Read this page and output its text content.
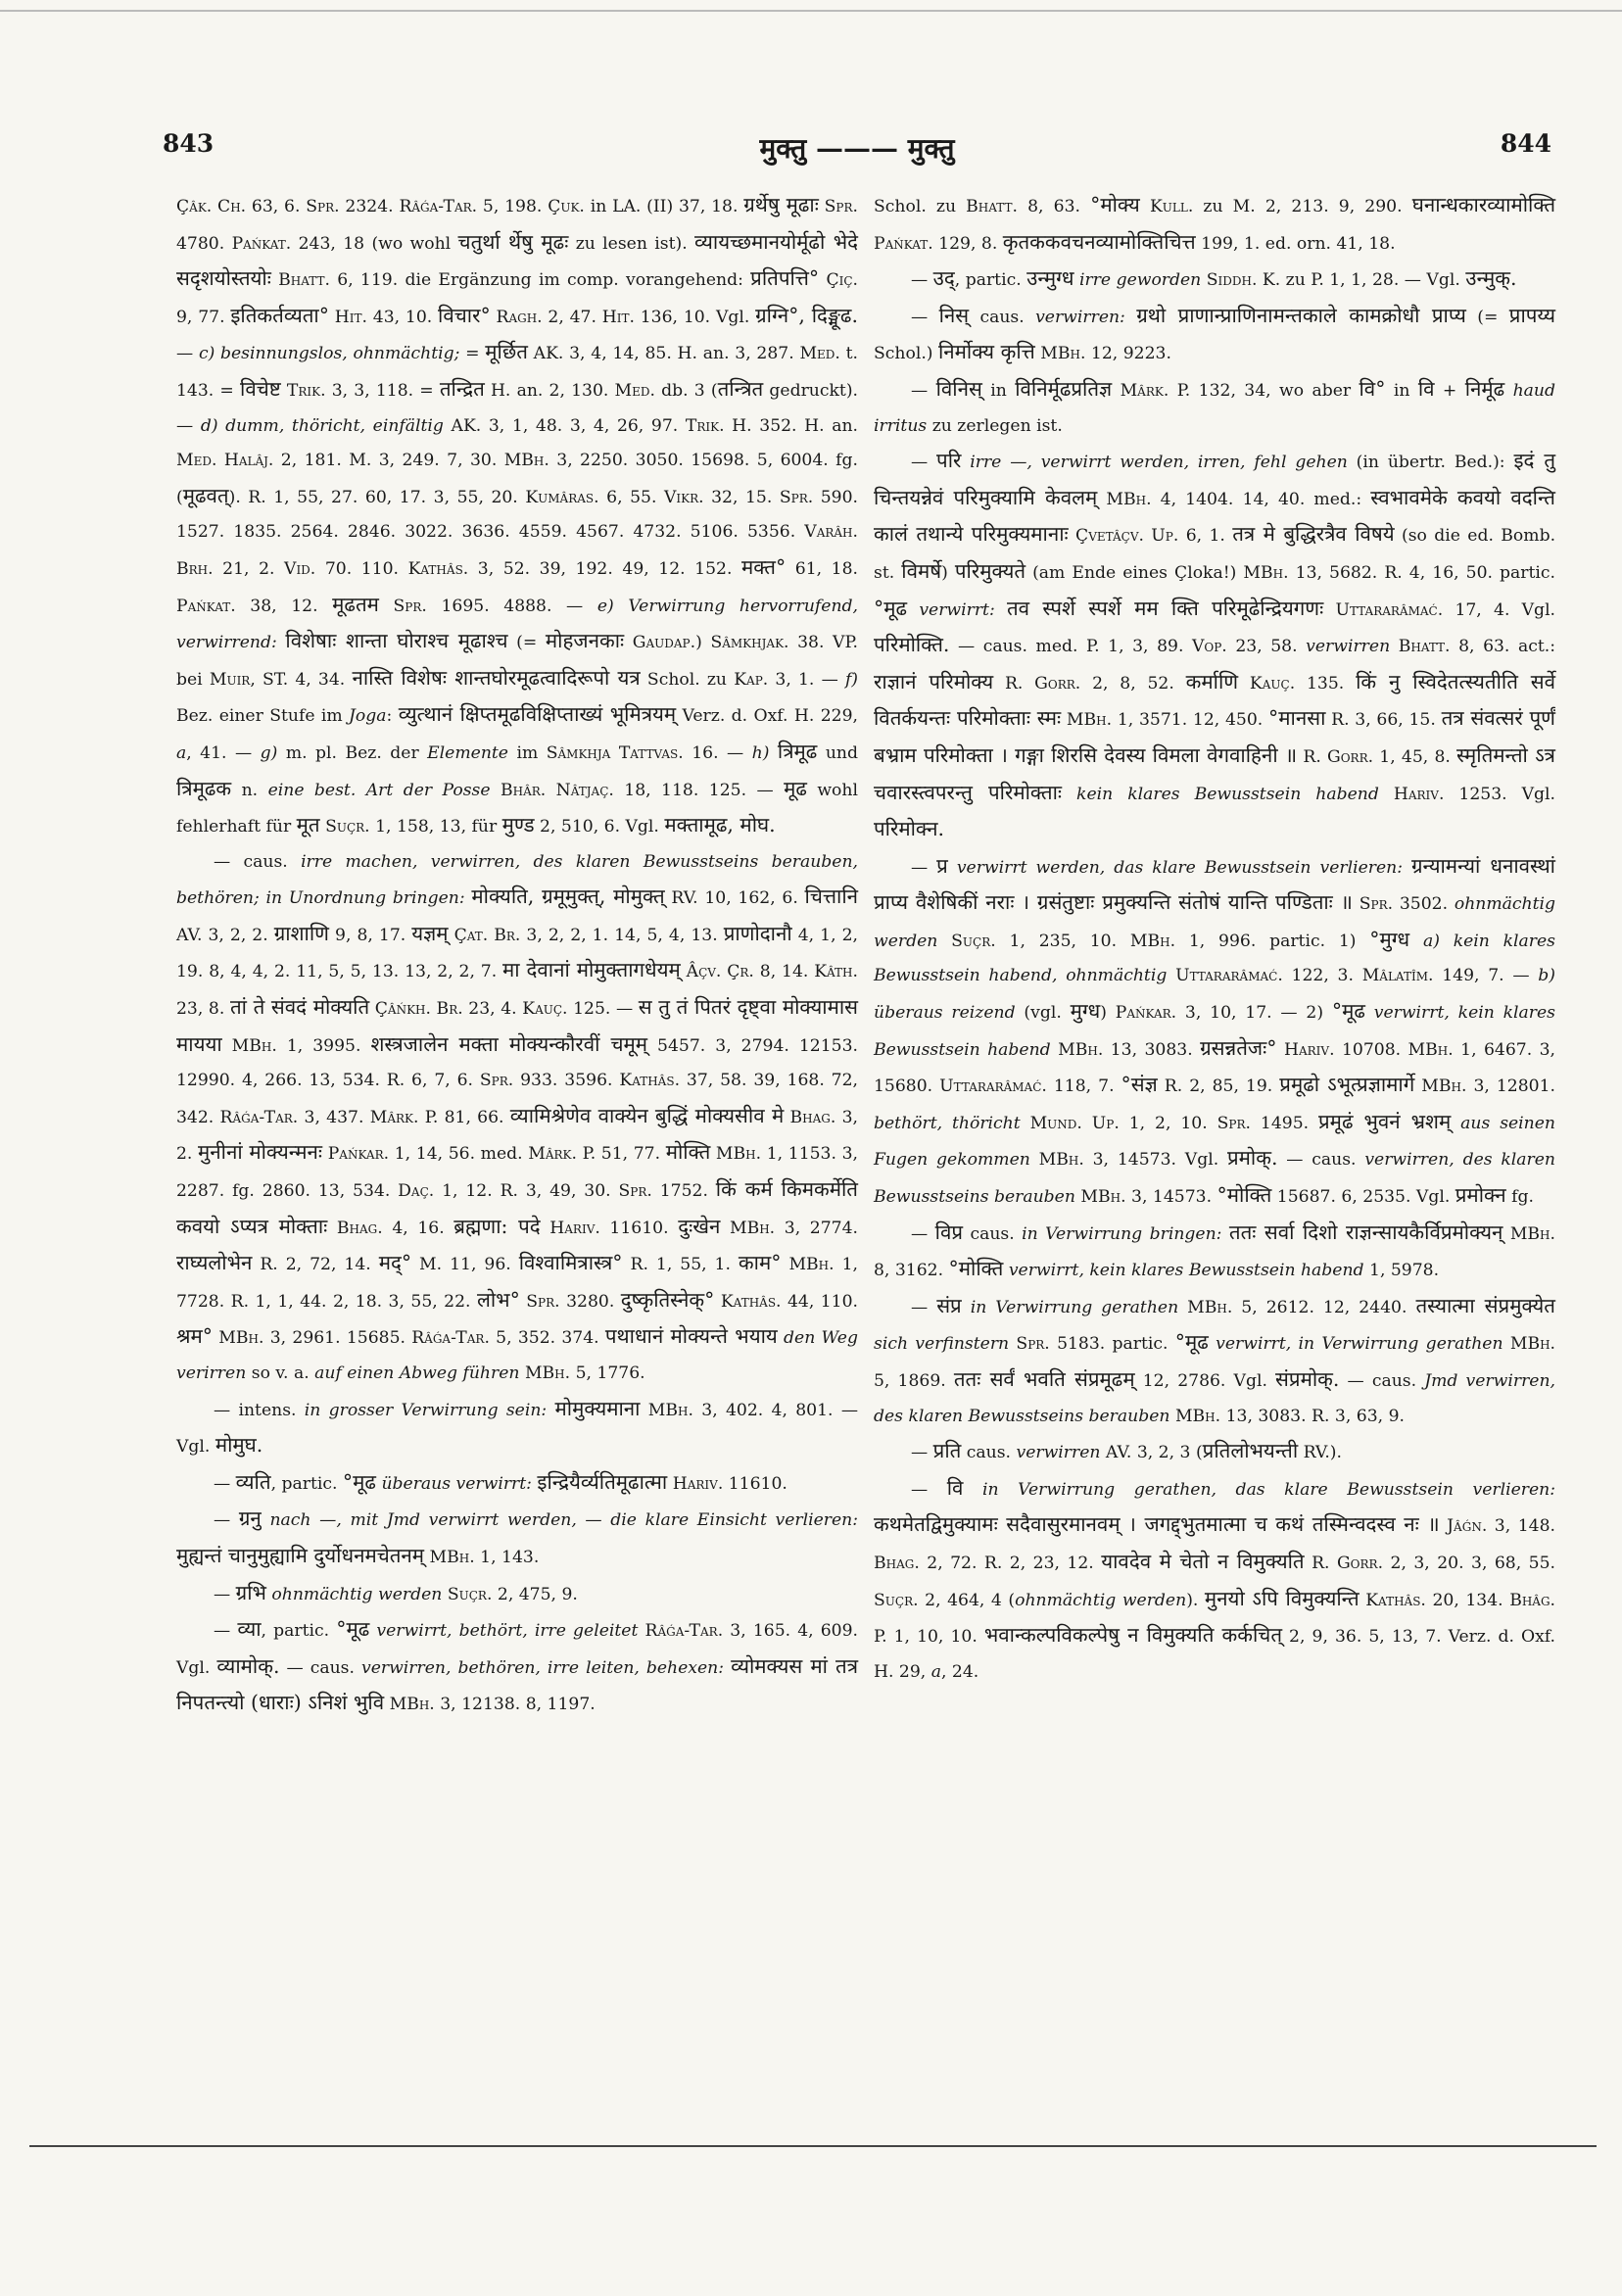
843	मुक्तु ——— मुक्तु	844

Çâk. Ch. 63, 6. Spr. 2324. Râǵa-Tar. 5, 198. Çuk. in LA. (II) 37, 18. ग्रर्थेषु मूढाः Spr. 4780. Pańkat. 243, 18 (wo wohl चतुर्था र्थेषु मूढः zu lesen ist). व्यायच्छमानयोर्मूढो भेदे सदृशयोस्तयोः Bhatt. 6, 119. die Ergänzung im comp. vorangehend: प्रतिपत्ति° Çiç. 9, 77. इतिकर्तव्यता° Hit. 43, 10. विचार° Ragh. 2, 47. Hit. 136, 10. Vgl. ग्रग्नि°, दिङ्मूढ. — c) besinnungslos, ohnmächtig; = मूर्छित AK. 3, 4, 14, 85. H. an. 3, 287. Med. t. 143. = विचेष्ट Trik. 3, 3, 118. = तन्द्रित H. an. 2, 130. Med. db. 3 (तन्त्रित gedruckt). — d) dumm, thöricht, einfältig AK. 3, 1, 48. 3, 4, 26, 97. Trik. H. 352. H. an. Med. Halâj. 2, 181. M. 3, 249. 7, 30. MBh. 3, 2250. 3050. 15698. 5, 6004. fg. (मूढवत्). R. 1, 55, 27. 60, 17. 3, 55, 20. Kumâras. 6, 55. Vikr. 32, 15. Spr. 590. 1527. 1835. 2564. 2846. 3022. 3636. 4559. 4567. 4732. 5106. 5356. Varâh. Brh. 21, 2. Vid. 70. 110. Kathâs. 3, 52. 39, 192. 49, 12. 152. मक्त° 61, 18. Pańkat. 38, 12. मूढतम Spr. 1695. 4888. — e) Verwirrung hervorrufend, verwirrend: विशेषाः शान्ता घोराश्च मूढाश्च (= मोहजनकाः Gaudap.) Sâmkhjak. 38. VP. bei Muir, ST. 4, 34. नास्ति विशेषः शान्तघोरमूढत्वादिरूपो यत्र Schol. zu Kap. 3, 1. — f) Bez. einer Stufe im Joga: व्युत्थानं क्षिप्तमूढविक्षिप्ताख्यं भूमित्रयम् Verz. d. Oxf. H. 229, a, 41. — g) m. pl. Bez. der Elemente im Sâmkhja Tattvas. 16. — h) त्रिमूढ und त्रिमूढक n. eine best. Art der Posse Bhâr. Nâtjaç. 18, 118. 125. — मूढ wohl fehlerhaft für मूत Suçr. 1, 158, 13, für मुण्ड 2, 510, 6. Vgl. मक्तामूढ, मोघ.

— caus. irre machen, verwirren, des klaren Bewusstseins berauben, bethören; in Unordnung bringen: मोक्यति, ग्रमूमुक्त्, मोमुक्त् RV. 10, 162, 6. चित्तानि AV. 3, 2, 2. ग्राशाणि 9, 8, 17. यज्ञम् Çat. Br. 3, 2, 2, 1. 14, 5, 4, 13. प्राणोदानौ 4, 1, 2, 19. 8, 4, 4, 2. 11, 5, 5, 13. 13, 2, 2, 7. मा देवानां मोमुक्तागधेयम् Âçv. Çr. 8, 14. Kâth. 23, 8. तां ते संवदं मोक्यति Çâńkh. Br. 23, 4. Kauç. 125. — स तु तं पितरं दृष्ट्वा मोक्यामास मायया MBh. 1, 3995. शस्त्रजालेन मक्ता मोक्यन्कौरवीं चमूम् 5457. 3, 2794. 12153. 12990. 4, 266. 13, 534. R. 6, 7, 6. Spr. 933. 3596. Kathâs. 37, 58. 39, 168. 72, 342. Râǵa-Tar. 3, 437. Mârk. P. 81, 66. व्यामिश्रेणेव वाक्येन बुद्धिं मोक्यसीव मे Bhag. 3, 2. मुनीनां मोक्यन्मनः Pańkar. 1, 14, 56. med. Mârk. P. 51, 77. मोक्ति MBh. 1, 1153. 3, 2287. fg. 2860. 13, 534. Daç. 1, 12. R. 3, 49, 30. Spr. 1752. किं कर्म किमकर्मेति कवयो ऽप्यत्र मोक्ताः Bhag. 4, 16. ब्रह्मणा: पदे Hariv. 11610. दुःखेन MBh. 3, 2774. राघ्यलोभेन R. 2, 72, 14. मद्° M. 11, 96. विश्वामित्रास्त्र° R. 1, 55, 1. काम° MBh. 1, 7728. R. 1, 1, 44. 2, 18. 3, 55, 22. लोभ° Spr. 3280. दुष्कृतिस्नेक्° Kathâs. 44, 110. श्रम° MBh. 3, 2961. 15685. Râǵa-Tar. 5, 352. 374. पथाधानं मोक्यन्ते भयाय den Weg verirren so v. a. auf einen Abweg führen MBh. 5, 1776.

— intens. in grosser Verwirrung sein: मोमुक्यमाना MBh. 3, 402. 4, 801. — Vgl. मोमुघ.

— व्यति, partic. °मूढ überaus verwirrt: इन्द्रियैर्व्यतिमूढात्मा Hariv. 11610.

— ग्रनु nach —, mit Jmd verwirrt werden, — die klare Einsicht verlieren: मुह्यन्तं चानुमुह्यामि दुर्योधनमचेतनम् MBh. 1, 143.

— ग्रभि ohnmächtig werden Suçr. 2, 475, 9.

— व्या, partic. °मूढ verwirrt, bethört, irre geleitet Râǵa-Tar. 3, 165. 4, 609. Vgl. व्यामोक्. — caus. verwirren, bethören, irre leiten, behexen: व्योमक्यस मां तत्र निपतन्त्यो (धाराः) ऽनिशं भुवि MBh. 3, 12138. 8, 1197.

Schol. zu Bhatt. 8, 63. °मोक्य Kull. zu M. 2, 213. 9, 290. घनान्धकारव्यामोक्ति Pańkat. 129, 8. कृतककवचनव्यामोक्तिचित्त 199, 1. ed. orn. 41, 18.

— उद्, partic. उन्मुग्ध irre geworden Siddh. K. zu P. 1, 1, 28. — Vgl. उन्मुक्.

— निस् caus. verwirren: ग्रथो प्राणान्प्राणिनामन्तकाले कामक्रोधौ प्राप्य (= प्रापय्य Schol.) निर्मोक्य कृत्ति MBh. 12, 9223.

— विनिस् in विनिर्मूढप्रतिज्ञ Mârk. P. 132, 34, wo aber वि° in वि + निर्मूढ haud irritus zu zerlegen ist.

— परि irre —, verwirrt werden, irren, fehl gehen (in übertr. Bed.): इदं तु चिन्तयन्नेवं परिमुक्यामि केवलम् MBh. 4, 1404. 14, 40. med.: स्वभावमेके कवयो वदन्ति कालं तथान्ये परिमुक्यमानाः Çvetâçv. Up. 6, 1. तत्र मे बुद्धिरत्रैव विषये (so die ed. Bomb. st. विमर्षे) परिमुक्यते (am Ende eines Çloka!) MBh. 13, 5682. R. 4, 16, 50. partic. °मूढ verwirrt: तव स्पर्शे स्पर्शे मम क्ति परिमूढेन्द्रियगणः Uttararâmać. 17, 4. Vgl. परिमोक्ति. — caus. med. P. 1, 3, 89. Vop. 23, 58. verwirren Bhatt. 8, 63. act.: राज्ञानं परिमोक्य R. Gorr. 2, 8, 52. कर्माणि Kauç. 135. किं नु स्विदेतत्स्यतीति सर्वे वितर्कयन्तः परिमोक्ताः स्मः MBh. 1, 3571. 12, 450. °मानसा R. 3, 66, 15. तत्र संवत्सरं पूर्णं बभ्राम परिमोक्ता । गङ्गा शिरसि देवस्य विमला वेगवाहिनी ॥ R. Gorr. 1, 45, 8. स्मृतिमन्तो ऽत्र चवारस्त्वपरन्तु परिमोक्ताः kein klares Bewusstsein habend Hariv. 1253. Vgl. परिमोक्न.

— प्र verwirrt werden, das klare Bewusstsein verlieren: ग्रन्यामन्यां धनावस्थां प्राप्य वैशेषिकीं नराः । ग्रसंतुष्टाः प्रमुक्यन्ति संतोषं यान्ति पण्डिताः ॥ Spr. 3502. ohnmächtig werden Suçr. 1, 235, 10. MBh. 1, 996. partic. 1) °मुग्ध a) kein klares Bewusstsein habend, ohnmächtig Uttararâmać. 122, 3. Mâlatîm. 149, 7. — b) überaus reizend (vgl. मुग्ध) Pańkar. 3, 10, 17. — 2) °मूढ verwirrt, kein klares Bewusstsein habend MBh. 13, 3083. ग्रसन्नतेजः° Hariv. 10708. MBh. 1, 6467. 3, 15680. Uttararâmać. 118, 7. °संज्ञ R. 2, 85, 19. प्रमूढो ऽभूत्प्रज्ञामार्गे MBh. 3, 12801. bethört, thöricht Mund. Up. 1, 2, 10. Spr. 1495. प्रमूढं भुवनं भ्रशम् aus seinen Fugen gekommen MBh. 3, 14573. Vgl. प्रमोक्. — caus. verwirren, des klaren Bewusstseins berauben MBh. 3, 14573. °मोक्ति 15687. 6, 2535. Vgl. प्रमोक्न fg.

— विप्र caus. in Verwirrung bringen: ततः सर्वा दिशो राज्ञन्सायकैर्विप्रमोक्यन् MBh. 8, 3162. °मोक्ति verwirrt, kein klares Bewusstsein habend 1, 5978.

— संप्र in Verwirrung gerathen MBh. 5, 2612. 12, 2440. तस्यात्मा संप्रमुक्येत sich verfinstern Spr. 5183. partic. °मूढ verwirrt, in Verwirrung gerathen MBh. 5, 1869. ततः सर्वं भवति संप्रमूढम् 12, 2786. Vgl. संप्रमोक्. — caus. Jmd verwirren, des klaren Bewusstseins berauben MBh. 13, 3083. R. 3, 63, 9.

— प्रति caus. verwirren AV. 3, 2, 3 (प्रतिलोभयन्ती RV.).

— वि in Verwirrung gerathen, das klare Bewusstsein verlieren: कथमेतद्विमुक्यामः सदैवासुरमानवम् । जगद्द्भुतमात्मा च कथं तस्मिन्वदस्व नः ॥ Jâǵn. 3, 148. Bhag. 2, 72. R. 2, 23, 12. यावदेव मे चेतो न विमुक्यति R. Gorr. 2, 3, 20. 3, 68, 55. Suçr. 2, 464, 4 (ohnmächtig werden). मुनयो ऽपि विमुक्यन्ति Kathâs. 20, 134. Bhâg. P. 1, 10, 10. भवान्कल्पविकल्पेषु न विमुक्यति कर्कचित् 2, 9, 36. 5, 13, 7. Verz. d. Oxf. H. 29, a, 24.
